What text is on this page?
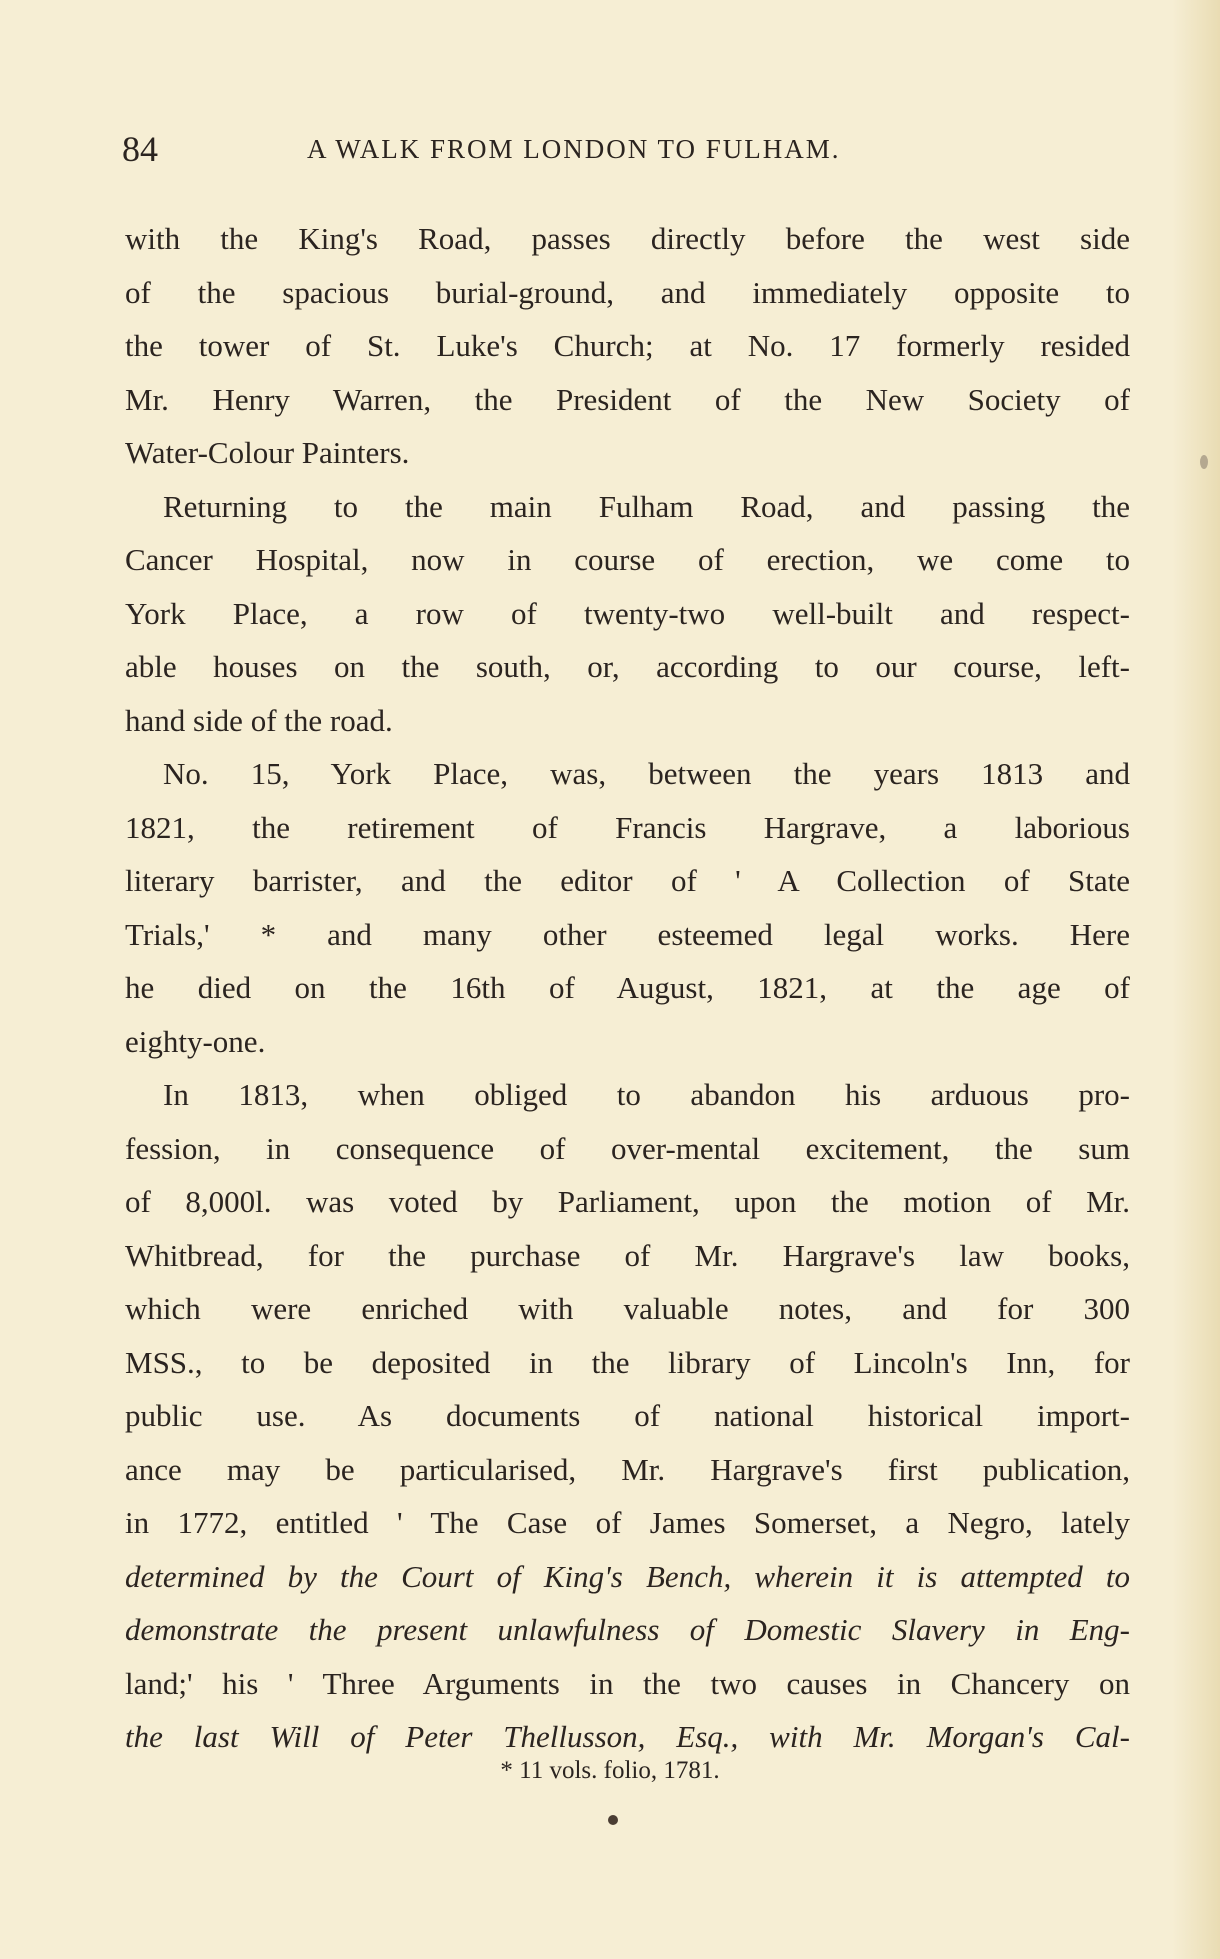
84	A WALK FROM LONDON TO FULHAM.
with the King's Road, passes directly before the west side
of the spacious burial-ground, and immediately opposite to
the tower of St. Luke's Church; at No. 17 formerly resided
Mr. Henry Warren, the President of the New Society of
Water-Colour Painters.
Returning to the main Fulham Road, and passing the
Cancer Hospital, now in course of erection, we come to
York Place, a row of twenty-two well-built and respect-
able houses on the south, or, according to our course, left-
hand side of the road.
No. 15, York Place, was, between the years 1813 and
1821, the retirement of Francis Hargrave, a laborious
literary barrister, and the editor of ' A Collection of State
Trials,' * and many other esteemed legal works. Here
he died on the 16th of August, 1821, at the age of
eighty-one.
In 1813, when obliged to abandon his arduous pro-
fession, in consequence of over-mental excitement, the sum
of 8,000l. was voted by Parliament, upon the motion of Mr.
Whitbread, for the purchase of Mr. Hargrave's law books,
which were enriched with valuable notes, and for 300
MSS., to be deposited in the library of Lincoln's Inn, for
public use. As documents of national historical import-
ance may be particularised, Mr. Hargrave's first publication,
in 1772, entitled ' The Case of James Somerset, a Negro, lately
determined by the Court of King's Bench, wherein it is attempted to
demonstrate the present unlawfulness of Domestic Slavery in Eng-
land;' his ' Three Arguments in the two causes in Chancery on
the last Will of Peter Thellusson, Esq., with Mr. Morgan's Cal-
* 11 vols. folio, 1781.
